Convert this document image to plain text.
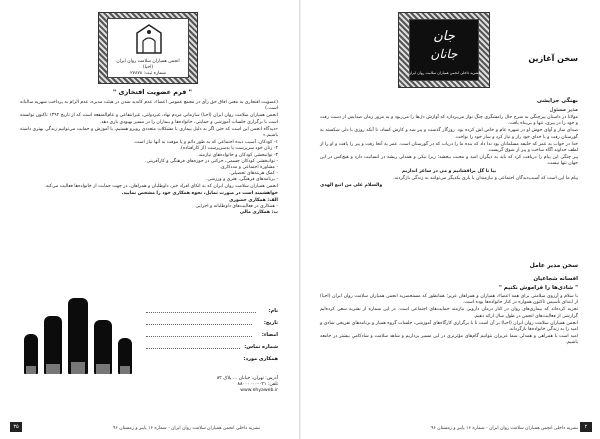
انجمن همیاران سلامت روان ایران
(احیا)
شماره ثبت: ۲۷۸۷۸
" فرم عضویت افتخاری "

(عضویت افتخاری به معنی افاق حق رأی در مجمع عمومی اعضاء، عدم کاندید شدن در هیئت مدیره، عدم الزام به پرداخت شهریه سالیانه است.)

انجمن همیاران سلامت روان ایران (احیا) سازمانی مردم نهاد، غیردولتی، غیرانتفاعی و عام‌المنفعه است که از تاریخ ۱۳۹۲ تاکنون توانسته است با برگزاری جلسات آموزشی و حمایتی، خانواده‌ها و بیماران را در مسیر بهبودی یاری دهد.

«دیدگاه انجمن این است که حتی اگر به دلیل بیماری با مشکلات متعددی روبرو هستیم، با آموزش و حمایت می‌توانیم زندگی بهتری داشته باشیم.»

۱- کودکان، آسیب دیده اجتماعی که به طور دائم و یا موقت به آنها نیاز است.
۲- زنان خود سرپرست یا بدسرپرست (از کارافتاده).
۳- توانبخشی کودکان و خانواده‌های نیازمند.
- توانبخشی کودکان جسمی، حرکتی در حوزه‌های فرهنگی و کارآفرینی.
- مشاوره اجتماعی و مددکاری.
- کمک هزینه‌های تحصیلی.
- برنامه‌های فرهنگی، هنری و ورزشی.

انجمن همیاران سلامت روان ایران که به اتکای افراد خیر، داوطلبان و همراهان، در جهت حمایت از خانواده‌ها فعالیت می‌کند.

خواهشمند است در صورت تمایل، نحوه همکاری خود را مشخص نمایید.

الف: همکاری حضوری
- همکاری در فعالیت‌های داوطلبانه و اجرایی
ب: همکاری مالی
نام:
تاریخ:
امضاء:
شماره تماس:
همکاری مورد:
آدرس: تهران، خیابان ... پلاک ۸۲
تلفن: ۰۲۱-۸۸۰۰۰۰۰۰
www.ehyaweb.ir
نشریه داخلی انجمن همیاران سلامت روان ایران - شماره ۱۶ پاییز و زمستان ۹۶
۳۵
جان
جانان
نشریه داخلی انجمن همیاران سلامت روان ایران
سخن آغازین
بهنگی جرایشی
مدیر مسئول

مولانا در داستان پیرچنگی به شرح حال رامشگری چنگ نواز می‌پردازد که آوازش دل‌ها را می‌ربود و به مرور زمان صدایش از دست رفت و خود را در پیری، تنها و بی‌پناه یافت.

صدای ساز و آوای خوش او در شهره عام و خاص اش کرده بود. روزگار گذشت و پیر شد و کارش کساد، تا آنکه روزی با دلی شکسته به گورستان رفت و با خدای خود راز و نیاز کرد و ساز خود را نواخت.

خدا در خواب به عمر که خلیفه مسلمانان بود ندا داد که بنده ما را دریاب که در گورستان است. عمر به آنجا رفت و پیر را یافت و او را از لطف خداوند آگاه ساخت و پیر از شوق گریست.

پیر چنگی این پیام را دریافت کرد که باید به دیگران امید و محبت ببخشد؛ زیرا نیکی و همدلی ریشه در انسانیت دارد و هیچ‌کس در این جهان تنها نیست.

بیا تا گل برافشانیم و می در ساغر اندازیم

پیام ما این است که آسیب‌دیدگان اجتماعی و نیازمندان با یاری یکدیگر می‌توانند به زندگی بازگردند.

والسلام علی من اتبع الهدی

سخن مدیر عامل
افسانه شجاعیان
" شادی‌ها را فراموش نکنیم "

با سلام و آرزوی سلامتی برای همه اعضاء، همیاران و همراهان عزیز؛ همانطور که مستحضرید انجمن همیاران سلامت روان ایران (احیا) از ابتدای تأسیس تاکنون همواره در کنار خانواده‌ها بوده است.

تجربه کرده‌اند که بیماری‌های روان در کنار درمان دارویی نیازمند حمایت‌های اجتماعی است. در این شماره از نشریه سعی کرده‌ایم گزارشی از فعالیت‌های انجمن در طول سال ارائه دهیم.

انجمن همیاران سلامت روان ایران (احیا) بر آن است تا با برگزاری کارگاه‌های آموزشی، جلسات گروه همیار و برنامه‌های تفریحی شادی و امید را به زندگی خانواده‌ها بازگرداند.

امید است با همراهی و همدلی شما عزیزان بتوانیم گام‌های مؤثرتری در این مسیر برداریم و شاهد سلامت و شادکامی بیشتر در جامعه باشیم.

نشریه داخلی انجمن همیاران سلامت روان ایران - شماره ۱۶ پاییز و زمستان ۹۶	۲
